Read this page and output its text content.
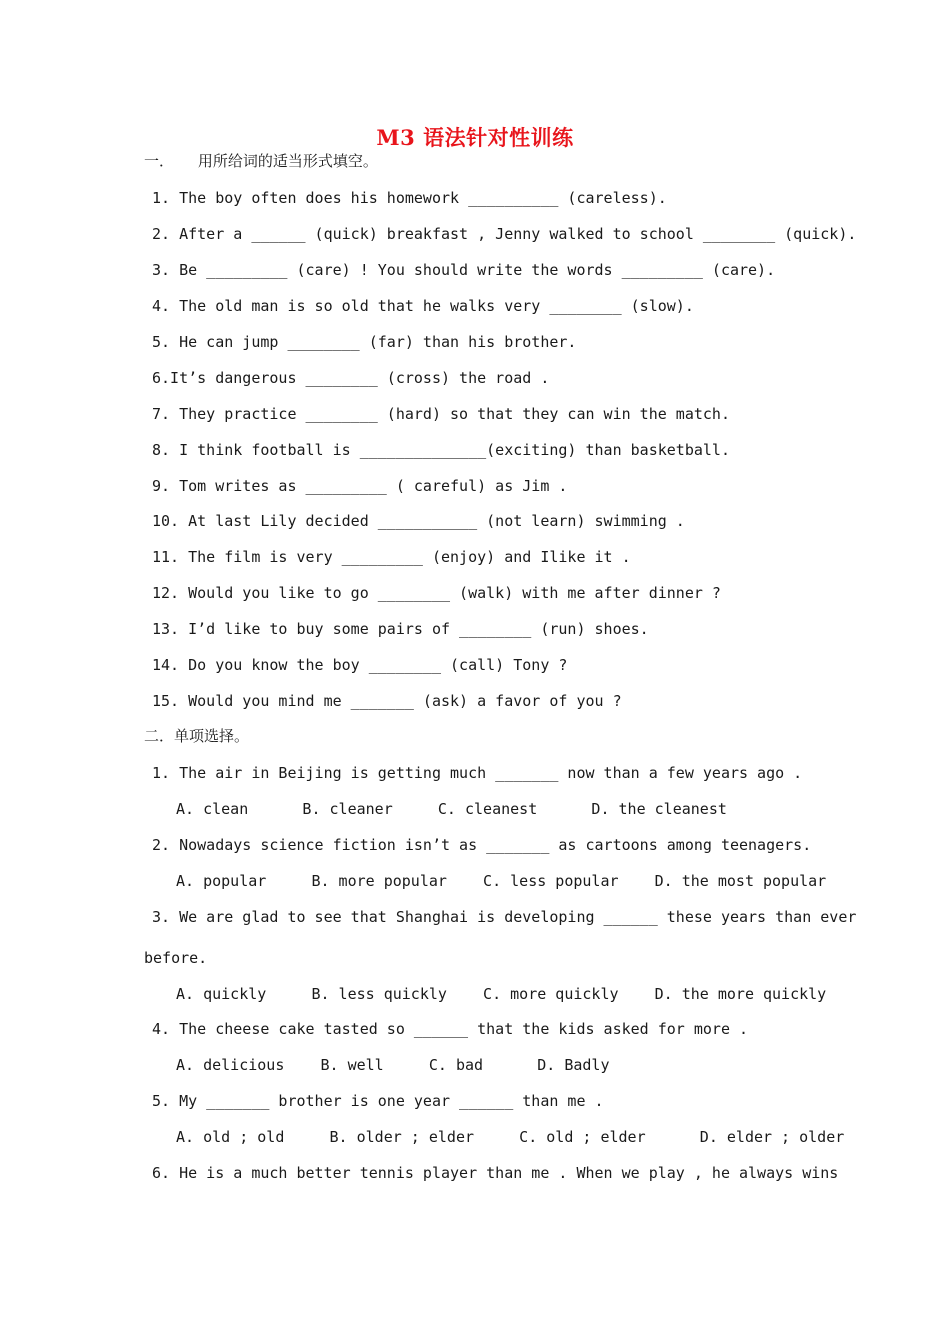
M3 语法针对性训练
一．     用所给词的适当形式填空。
1. The boy often does his homework __________ (careless).
2. After a ______ (quick) breakfast , Jenny walked to school ________ (quick).
3. Be _________ (care) ! You should write the words _________ (care).
4. The old man is so old that he walks very ________ (slow).
5. He can jump ________ (far) than his brother.
6.It’s dangerous ________ (cross) the road .
7. They practice ________ (hard) so that they can win the match.
8. I think football is ______________(exciting) than basketball.
9. Tom writes as _________ ( careful) as Jim .
10. At last Lily decided ___________ (not learn) swimming .
11. The film is very _________ (enjoy) and Ilike it .
12. Would you like to go ________ (walk) with me after dinner ?
13. I’d like to buy some pairs of ________ (run) shoes.
14. Do you know the boy ________ (call) Tony ?
15. Would you mind me _______ (ask) a favor of you ?
二．单项选择。
1. The air in Beijing is getting much _______ now than a few years ago .
A. clean      B. cleaner     C. cleanest      D. the cleanest
2. Nowadays science fiction isn’t as _______ as cartoons among teenagers.
A. popular     B. more popular    C. less popular    D. the most popular
3. We are glad to see that Shanghai is developing ______ these years than ever
before.
A. quickly     B. less quickly    C. more quickly    D. the more quickly
4. The cheese cake tasted so ______ that the kids asked for more .
A. delicious    B. well     C. bad      D. Badly
5. My _______ brother is one year ______ than me .
A. old ; old     B. older ; elder     C. old ; elder      D. elder ; older
6. He is a much better tennis player than me . When we play , he always wins
